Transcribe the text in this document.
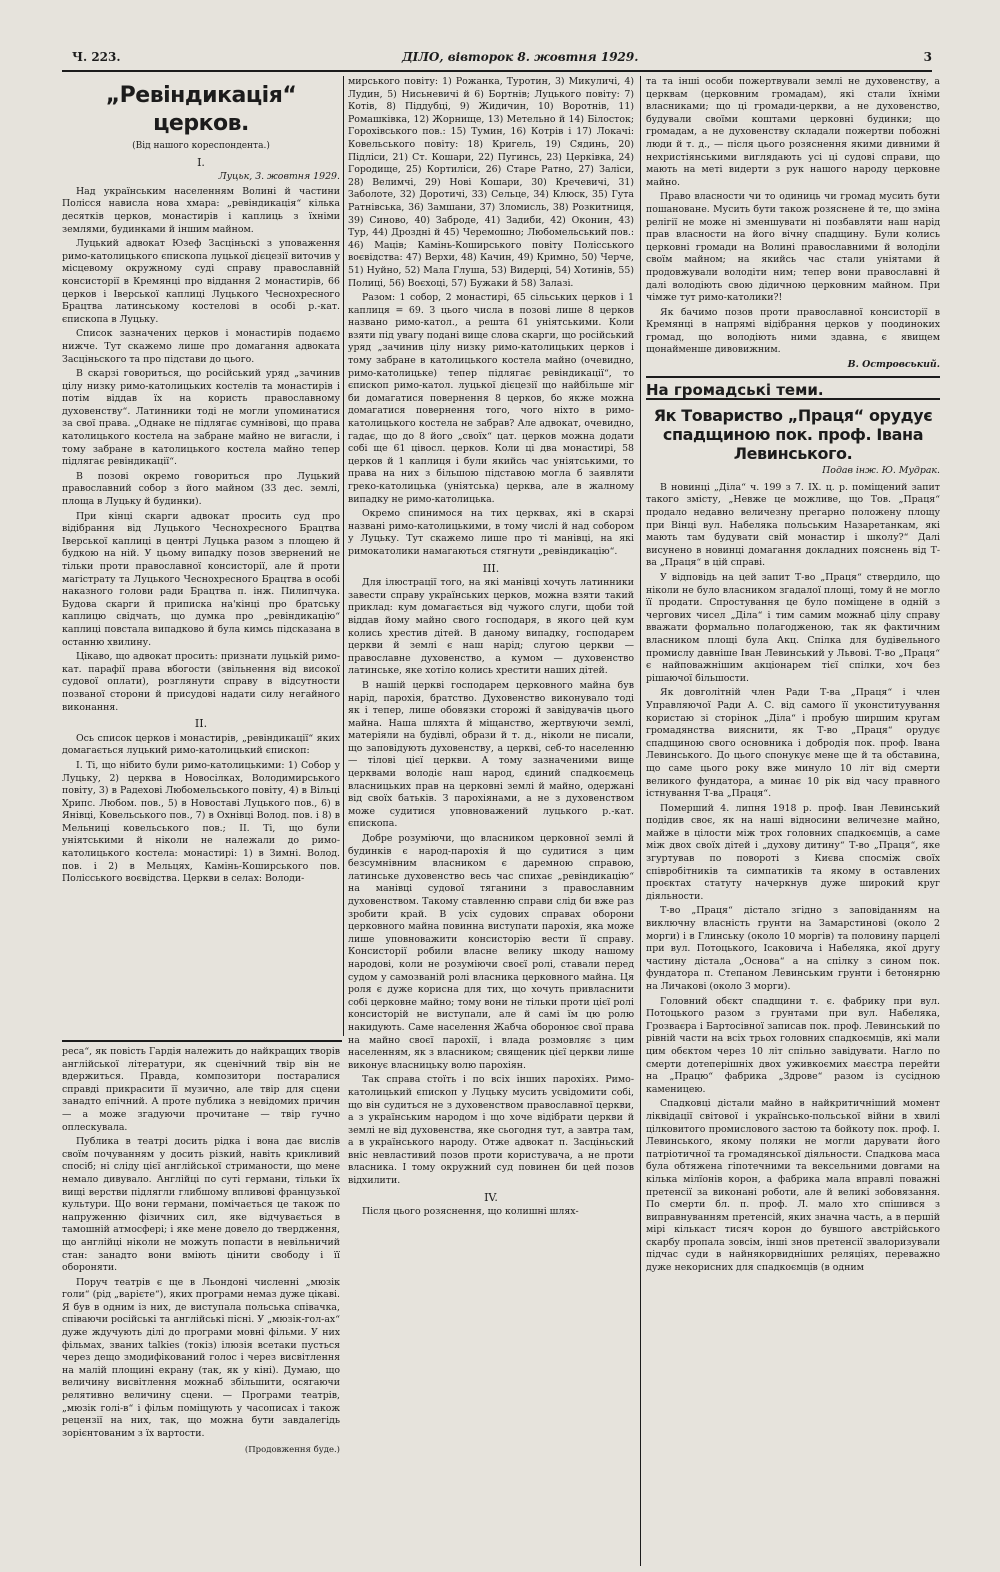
Ч. 223.	ДІЛО, вівторок 8. жовтня 1929.	3
„Ревіндикація“ церков.
(Від нашого кореспондента.)
I.
Луцьк, 3. жовтня 1929.

Над українським населенням Волині й частини Полісся нависла нова хмара: „ревіндикація“ кілька десятків церков, монастирів і каплиць з їхніми землями, будинками й іншим майном.

Луцький адвокат Юзеф Засціньскі з уповаження римо-католицького єпископа луцької дієцезії виточив у місцевому окружному суді справу православній консисторії в Кремянці про віддання 2 монастирів, 66 церков і Іверської каплиці Луцького Чеснохресного Брацтва латинському костелові в особі р.-кат. єпископа в Луцьку.

Список зазначених церков і монастирів подаємо нижче. Тут скажемо лише про домагання адвоката Засціньского та про підстави до цього.

В скарзі говориться, що російський уряд „зачинив цілу низку римо-католицьких костелів та монастирів і потім віддав їх на користь православному духовенству“. Латинники тоді не могли упоминатися за свої права. „Однаке не підлягає сумнівові, що права католицького костела на забране майно не вигасли, і тому забране в католицького костела майно тепер підлягає ревіндикації“.

В позові окремо говориться про Луцький православний собор з його майном (33 дес. землі, площа в Луцьку й будинки).

При кінці скарги адвокат просить суд про відібрання від Луцького Чеснохресного Брацтва Іверської каплиці в центрі Луцька разом з площею й будкою на ній. У цьому випадку позов звернений не тільки проти православної консисторії, але й проти магістрату та Луцького Чеснохресного Брацтва в особі наказного голови ради Брацтва п. інж. Пилипчука. Будова скарги й приписка на'кінці про братську каплицю свідчать, що думка про „ревіндикацію“ каплиці повстала випадково й була кимсь підсказана в останню хвилину.

Цікаво, що адвокат просить: признати луцькій римо-кат. парафії права вбогости (звільнення від високої судової оплати), розглянути справу в відсутности позваної сторони й присудові надати силу негайного виконання.

II.

Ось список церков і монастирів, „ревіндикації“ яких домагається луцький римо-католицький єпископ:

I. Ті, що нібито були римо-католицькими: 1) Собор у Луцьку, 2) церква в Новосілках, Володимирського повіту, 3) в Радехові Любомельського повіту, 4) в Вільці Хрипс. Любом. пов., 5) в Новоставі Луцького пов., 6) в Янівці, Ковельського пов., 7) в Охнівці Волод. пов. і 8) в Мельниці ковельського пов.; II. Ті, що були уніятськими й ніколи не належали до римо-католицького костела: монастирі: 1) в Зимні. Волод. пов. і 2) в Мельцях, Камінь-Коширського пов. Полісського воєвідства. Церкви в селах: Володи-

мирського повіту: 1) Рожанка, Туротин, 3) Микуличі, 4) Лудин, 5) Нисьневичі й 6) Бортнів; Луцького повіту: 7) Котів, 8) Піддубці, 9) Жидичин, 10) Воротнів, 11) Ромашківка, 12) Жорнище, 13) Метельно й 14) Білосток; Горохівського пов.: 15) Тумин, 16) Котрів і 17) Локачі: Ковельського повіту: 18) Кригель, 19) Сядинь, 20) Підліси, 21) Ст. Кошари, 22) Пугинсь, 23) Церківка, 24) Городище, 25) Кортиліси, 26) Старе Ратно, 27) Заліси, 28) Велимчі, 29) Нові Кошари, 30) Кречевичі, 31) Заболоте, 32) Доротичі, 33) Сельце, 34) Клюск, 35) Гута Ратнівська, 36) Замшани, 37) Зломисль, 38) Розкитниця, 39) Синово, 40) Заброде, 41) Задиби, 42) Оконин, 43) Тур, 44) Дроздні й 45) Черемошно; Любомельський пов.: 46) Маців; Камінь-Коширського повіту Полісського воєвідства: 47) Верхи, 48) Качин, 49) Кримно, 50) Черче, 51) Нуйно, 52) Мала Глуша, 53) Видерці, 54) Хотинів, 55) Полиці, 56) Воєхоці, 57) Бужаки й 58) Залазі.

Разом: 1 собор, 2 монастирі, 65 сільських церков і 1 каплиця = 69. З цього числа в позові лише 8 церков названо римо-катол., а решта 61 уніятськими. Коли взяти під увагу подані вище слова скарги, що російський уряд „зачинив цілу низку римо-католицьких церков і тому забране в католицького костела майно (очевидно, римо-католицьке) тепер підлягає ревіндикації“, то єпископ римо-катол. луцької дієцезії що найбільше міг би домагатися повернення 8 церков, бо якже можна домагатися повернення того, чого ніхто в римо-католицького костела не забрав? Але адвокат, очевидно, гадає, що до 8 його „своїх“ цат. церков можна додати собі ще 61 цівосл. церков. Коли ці два монастирі, 58 церков й 1 каплиця і були якийсь час уніятськими, то права на них з більшою підставою могла б заявляти греко-католицька (уніятська) церква, але в жалному випадку не римо-католицька.

Окремо спинимося на тих церквах, які в скарзі названі римо-католицькими, в тому числі й над собором у Луцьку. Тут скажемо лише про ті манівці, на які римокатолики намагаються стягнути „ревіндикацію“.

III.

Для ілюстрації того, на які манівці хочуть латинники завести справу українських церков, можна взяти такий приклад: кум домагається від чужого слуги, щоби той віддав йому майно свого господаря, в якого цей кум колись хрестив дітей. В даному випадку, господарем церкви й землі є наш нарід; слугою церкви — православне духовенство, а кумом — духовенство латинське, яке хотіло колись хрестити наших дітей.

В нашій церкві господарем церковного майна був нарід, парохія, братство. Духовенство виконувало тоді як і тепер, лише обовязки сторожі й завідувачів цього майна. Наша шляхта й міщанство, жертвуючи землі, матеріяли на будівлі, образи й т. д., ніколи не писали, що заповідують духовенству, а церкві, себ-то населенню — тілові цієї церкви. А тому зазначеними вище церквами володіє наш народ, єдиний спадкоємець власницьких прав на церковні землі й майно, одержані від своїх батьків. З парохіянами, а не з духовенством може судитися уповноважений луцького р.-кат. єпископа.

Добре розуміючи, що власником церковної землі й будинків є народ-парохія й що судитися з цим безсумнівним власником є даремною справою, латинське духовенство весь час спихає „ревіндикацію“ на манівці судової тяганини з православним духовенством. Такому ставленню справи слід би вже раз зробити край. В усіх судових справах оборони церковного майна повинна виступати парохія, яка може лише уповноважити консисторію вести її справу. Консисторії робили власне велику шкоду нашому народові, коли не розуміючи своєї ролі, ставали перед судом у самозваній ролі власника церковного майна. Ця роля є дуже корисна для тих, що хочуть привласнити собі церковне майно; тому вони не тільки проти цієї ролі консисторій не виступали, але й самі їм цю ролю накидують. Саме населення Жабча оборонює свої права на майно своєї парохії, і влада розмовляє з цим населенням, як з власником; священик цієї церкви лише виконує власницьку волю парохіян.

Так справа стоїть і по всіх інших парохіях. Римо-католицький єпископ у Луцьку мусить усвідомити собі, що він судиться не з духовенством православної церкви, а з українським народом і що хоче відібрати церкви й землі не від духовенства, яке сьогодня тут, а завтра там, а в українського народу. Отже адвокат п. Засціньский вніс невластивий позов проти користувача, а не проти власника. І тому окружний суд повинен би цей позов відхилити.

IV.

Після цього розяснення, що колишні шлях-

та та інші особи пожертвували землі не духовенству, а церквам (церковним громадам), які стали їхніми власниками; що ці громади-церкви, а не духовенство, будували своїми коштами церковні будинки; що громадам, а не духовенству складали пожертви побожні люди й т. д., — після цього розяснення якими дивними й нехристіянськими виглядають усі ці судові справи, що мають на меті видерти з рук нашого народу церковне майно.

Право власности чи то одиниць чи громад мусить бути пошановане. Мусить бути також розяснене й те, що зміна релігії не може ні зменшувати ні позбавляти наш нарід прав власности на його вічну спадщину. Були колись церковні громади на Волині православними й володіли своїм майном; на якийсь час стали уніятами й продовжували володіти ним; тепер вони православні й далі володіють свою дідичною церковним майном. При чімже тут римо-католики?!

Як бачимо позов проти православної консисторії в Кремянці в напрямі відібрання церков у поодиноких громад, що володіють ними здавна, є явищем щонайменше дивовижним.

В. Островський.
На громадські теми.
Як Товариство „Праця“ орудує спадщиною пок. проф. Івана Левинського.
Подав інж. Ю. Мудрак.

В новинці „Діла“ ч. 199 з 7. IX. ц. р. поміщений запит такого змісту, „Невже це можливе, що Тов. „Праця“ продало недавно величезну прегарно положену площу при Вінці вул. Набеляка польським Назаретанкам, які мають там будувати свій монастир і школу?“ Далі висунено в новинці домагання докладних пояснень від Т-ва „Праця“ в цій справі.

У відповідь на цей запит Т-во „Праця“ ствердило, що ніколи не було власником згадалої площі, тому й не могло її продати. Спростування це було поміщене в одній з чергових чисел „Діла“ і тим самим можнаб цілу справу вважати формально полагодженою, так як фактичним власником площі була Акц. Спілка для будівельного промислу давніше Іван Левинський у Львові. Т-во „Праця“ є найповажнішим акціонарем тієї спілки, хоч без рішаючої більшости.

Як довголітній член Ради Т-ва „Праця“ і член Управляючої Ради А. С. від самого її уконституування користаю зі сторінок „Діла“ і пробую ширшим кругам громадянства вияснити, як Т-во „Праця“ орудує спадщиною свого основника і добродія пок. проф. Івана Левинського. До цього спонукує мене ще й та обставина, що саме цього року вже минуло 10 літ від смерти великого фундатора, а минає 10 рік від часу правного істнування Т-ва „Праця“.

Померший 4. липня 1918 р. проф. Іван Левинський подідив своє, як на наші відносини величезне майно, майже в цілости між трох головних спадкоємців, а саме між двох своїх дітей і „духову дитину“ Т-во „Праця“, яке згуртував по повороті з Києва спосміж своїх співробітників та симпатиків та якому в оставлених проєктах статуту начеркнув дуже широкий круг діяльности.

Т-во „Праця“ дістало згідно з заповіданням на виключну власність грунти на Замарстинові (около 2 морги) і в Глинську (около 10 моргів) та половину парцелі при вул. Потоцького, Ісаковича і Набеляка, якої другу частину дістала „Основа“ а на спілку з сином пок. фундатора п. Степаном Левинським грунти і бетонярню на Личакові (около 3 морги).

Головний обєкт спадщини т. є. фабрику при вул. Потоцького разом з грунтами при вул. Набеляка, Грозваєра і Бартосівної записав пок. проф. Левинський по рівній части на всіх трьох головних спадкоємців, які мали цим обєктом через 10 літ спільно завідувати. Нагло по смерти дотеперішніх двох уживкоємих маєстра перейти на „Працю“ фабрика „Здрове“ разом із сусідною каменицею.

Спадковці дістали майно в найкритичніший момент ліквідації світової і українсько-польської війни в хвилі цілковитого промислового застою та бойкоту пок. проф. І. Левинського, якому поляки не могли дарувати його патріотичної та громадянської діяльности. Спадкова маса була обтяжена гіпотечними та вексельними довгами на кілька мілїонів корон, а фабрика мала вправлі поважні претенсії за виконані роботи, але й великі зобовязання. По смерти бл. п. проф. Л. мало хто спішився з виправнуванням претенсій, яких значна часть, а в першій мірі кількаст тисяч корон до бувшого австрійського скарбу пропала зовсім, інші знов претенсії звалоризували підчас суди в найнякорвидніших реляціях, переважно дуже некорисних для спадкоємців (в одним

реса“, як повість Гардія належить до найкращих творів англійської літератури, як сценічний твір він не вдержиться. Правда, композитори постаралися справді прикрасити її музично, але твір для сцени занадто епічний. А проте публика з невідомих причин — а може згадуючи прочитане — твір гучно оплескувала.

Публика в театрі досить рідка і вона дає вислів своїм почуванням у досить різкий, навіть крикливий спосіб; ні слідy цієї англійської стриманости, що мене немало дивувало. Англійці по суті германи, тільки їх вищі верстви підлягли глибшому впливові французької культури. Що вони германи, помічається це також по напруженню фізичних сил, яке відчувається в тамошній атмосфері; і яке мене довело до твердження, що англійці ніколи не можуть попасти в невільничий стан: занадто вони вміють цінити свободу і її обороняти.

Поруч театрів є ще в Льондоні численні „мюзік голи“ (рід „варієте“), яких програми немаз дуже цікаві. Я був в одним із них, де виступала польська співачка, співаючи російські та англійські пісні. У „мюзік-гол-ах“ дуже ждучують ділі до програми мовні фільми. У них фільмах, званих talkies (токіз) ілюзія всетаки пусться через дещо змодифікований голос і через висвітлення на малій площині екрану (так, як у кіні). Думаю, що величину висвітлення можнаб збільшити, осягаючи релятивно величину сцени. — Програми театрів, „мюзік голі-в“ і фільм поміщують у часописах і також рецензії на них, так, що можна бути завдалегідь зорієнтованим з їх вартости.

(Продовження буде.)
